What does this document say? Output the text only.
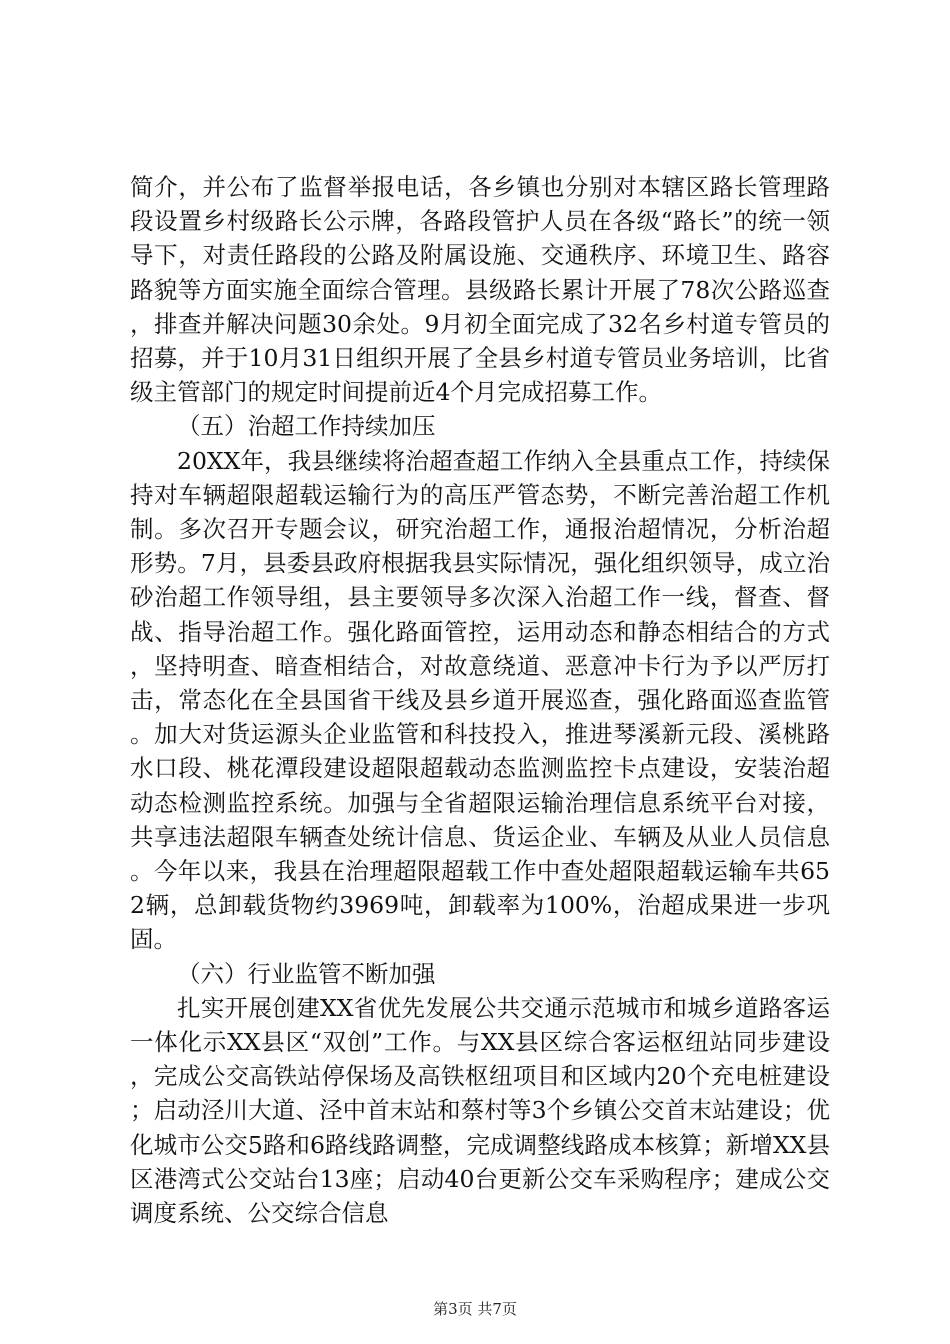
简介，并公布了监督举报电话，各乡镇也分别对本辖区路长管理路段设置乡村级路长公示牌，各路段管护人员在各级“路长”的统一领导下，对责任路段的公路及附属设施、交通秩序、环境卫生、路容路貌等方面实施全面综合管理。县级路长累计开展了78次公路巡查，排查并解决问题30余处。9月初全面完成了32名乡村道专管员的招募，并于10月31日组织开展了全县乡村道专管员业务培训，比省级主管部门的规定时间提前近4个月完成招募工作。

（五）治超工作持续加压

20XX年，我县继续将治超查超工作纳入全县重点工作，持续保持对车辆超限超载运输行为的高压严管态势，不断完善治超工作机制。多次召开专题会议，研究治超工作，通报治超情况，分析治超形势。7月，县委县政府根据我县实际情况，强化组织领导，成立治砂治超工作领导组，县主要领导多次深入治超工作一线，督查、督战、指导治超工作。强化路面管控，运用动态和静态相结合的方式，坚持明查、暗查相结合，对故意绕道、恶意冲卡行为予以严厉打击，常态化在全县国省干线及县乡道开展巡查，强化路面巡查监管。加大对货运源头企业监管和科技投入，推进琴溪新元段、溪桃路水口段、桃花潭段建设超限超载动态监测监控卡点建设，安装治超动态检测监控系统。加强与全省超限运输治理信息系统平台对接，共享违法超限车辆查处统计信息、货运企业、车辆及从业人员信息。今年以来，我县在治理超限超载工作中查处超限超载运输车共652辆，总卸载货物约3969吨，卸载率为100%，治超成果进一步巩固。

（六）行业监管不断加强

扎实开展创建XX省优先发展公共交通示范城市和城乡道路客运一体化示XX县区“双创”工作。与XX县区综合客运枢纽站同步建设，完成公交高铁站停保场及高铁枢纽项目和区域内20个充电桩建设；启动泾川大道、泾中首末站和蔡村等3个乡镇公交首末站建设；优化城市公交5路和6路线路调整，完成调整线路成本核算；新增XX县区港湾式公交站台13座；启动40台更新公交车采购程序；建成公交调度系统、公交综合信息

第3页 共7页
